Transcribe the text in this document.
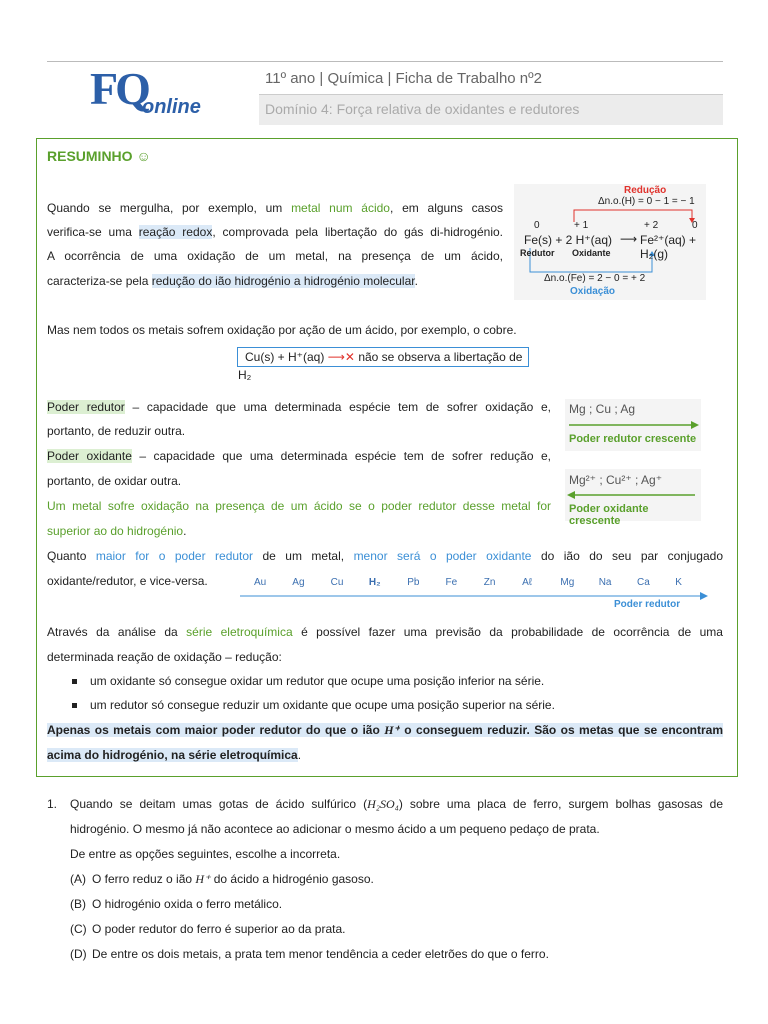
FQ
online
11º ano | Química | Ficha de Trabalho nº2
Domínio 4: Força relativa de oxidantes e redutores
RESUMINHO ☺
Quando se mergulha, por exemplo, um metal num ácido, em alguns casos
verifica-se uma reação redox, comprovada pela libertação do gás di-hidrogénio.
A ocorrência de uma oxidação de um metal, na presença de um ácido,
caracteriza-se pela redução do ião hidrogénio a hidrogénio molecular.
Redução
Δn.o.(H) = 0 − 1 = − 1
0	+ 1	+ 2	0
Fe(s) + 2 H⁺(aq) ⟶ Fe²⁺(aq) + H₂(g)
Redutor Oxidante
Δn.o.(Fe) = 2 − 0 = + 2
Oxidação
Mas nem todos os metais sofrem oxidação por ação de um ácido, por exemplo, o cobre.
Cu(s) + H⁺(aq) ⟶✕ não se observa a libertação de H₂
Poder redutor – capacidade que uma determinada espécie tem de sofrer oxidação e,
portanto, de reduzir outra.
Poder oxidante – capacidade que uma determinada espécie tem de sofrer redução e,
portanto, de oxidar outra.
Um metal sofre oxidação na presença de um ácido se o poder redutor desse metal for
superior ao do hidrogénio.
Mg ; Cu ; Ag
Poder redutor crescente
Mg²⁺ ; Cu²⁺ ; Ag⁺
Poder oxidante crescente
Quanto maior for o poder redutor de um metal, menor será o poder oxidante do ião do seu par conjugado
oxidante/redutor, e vice-versa.	Au	Ag	Cu	H₂	Pb	Fe	Zn	Aℓ	Mg Na	Ca	K
Poder redutor
Através da análise da série eletroquímica é possível fazer uma previsão da probabilidade de ocorrência de uma
determinada reação de oxidação – redução:
um oxidante só consegue oxidar um redutor que ocupe uma posição inferior na série.
um redutor só consegue reduzir um oxidante que ocupe uma posição superior na série.
Apenas os metais com maior poder redutor do que o ião H⁺ o conseguem reduzir. São os metas que se encontram
acima do hidrogénio, na série eletroquímica.
1. Quando se deitam umas gotas de ácido sulfúrico (H₂SO₄) sobre uma placa de ferro, surgem bolhas gasosas de
hidrogénio. O mesmo já não acontece ao adicionar o mesmo ácido a um pequeno pedaço de prata.
De entre as opções seguintes, escolhe a incorreta.
(A) O ferro reduz o ião H⁺ do ácido a hidrogénio gasoso.
(B) O hidrogénio oxida o ferro metálico.
(C) O poder redutor do ferro é superior ao da prata.
(D) De entre os dois metais, a prata tem menor tendência a ceder eletrões do que o ferro.
